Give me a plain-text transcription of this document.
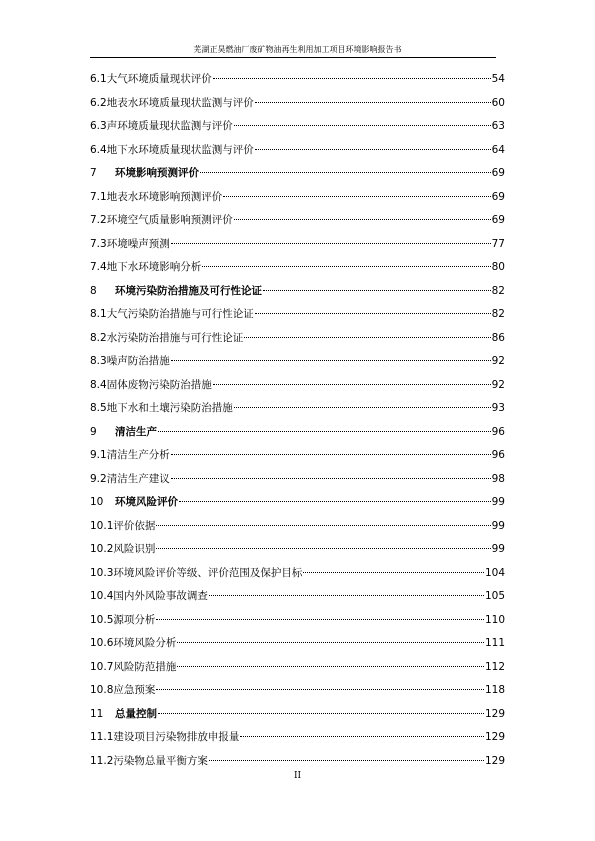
芜湖正昊燃油厂废矿物油再生利用加工项目环境影响报告书
6.1 大气环境质量现状评价	54
6.2 地表水环境质量现状监测与评价	60
6.3 声环境质量现状监测与评价	63
6.4 地下水环境质量现状监测与评价	64
7	环境影响预测评价	69
7.1 地表水环境影响预测评价	69
7.2 环境空气质量影响预测评价	69
7.3 环境噪声预测	77
7.4 地下水环境影响分析	80
8	环境污染防治措施及可行性论证	82
8.1 大气污染防治措施与可行性论证	82
8.2 水污染防治措施与可行性论证	86
8.3 噪声防治措施	92
8.4 固体废物污染防治措施	92
8.5 地下水和土壤污染防治措施	93
9	清洁生产	96
9.1 清洁生产分析	96
9.2 清洁生产建议	98
10	环境风险评价	99
10.1 评价依据	99
10.2 风险识别	99
10.3 环境风险评价等级、评价范围及保护目标	104
10.4 国内外风险事故调查	105
10.5 源项分析	110
10.6 环境风险分析	111
10.7 风险防范措施	112
10.8 应急预案	118
11	总量控制	129
11.1 建设项目污染物排放申报量	129
11.2 污染物总量平衡方案	129
II
